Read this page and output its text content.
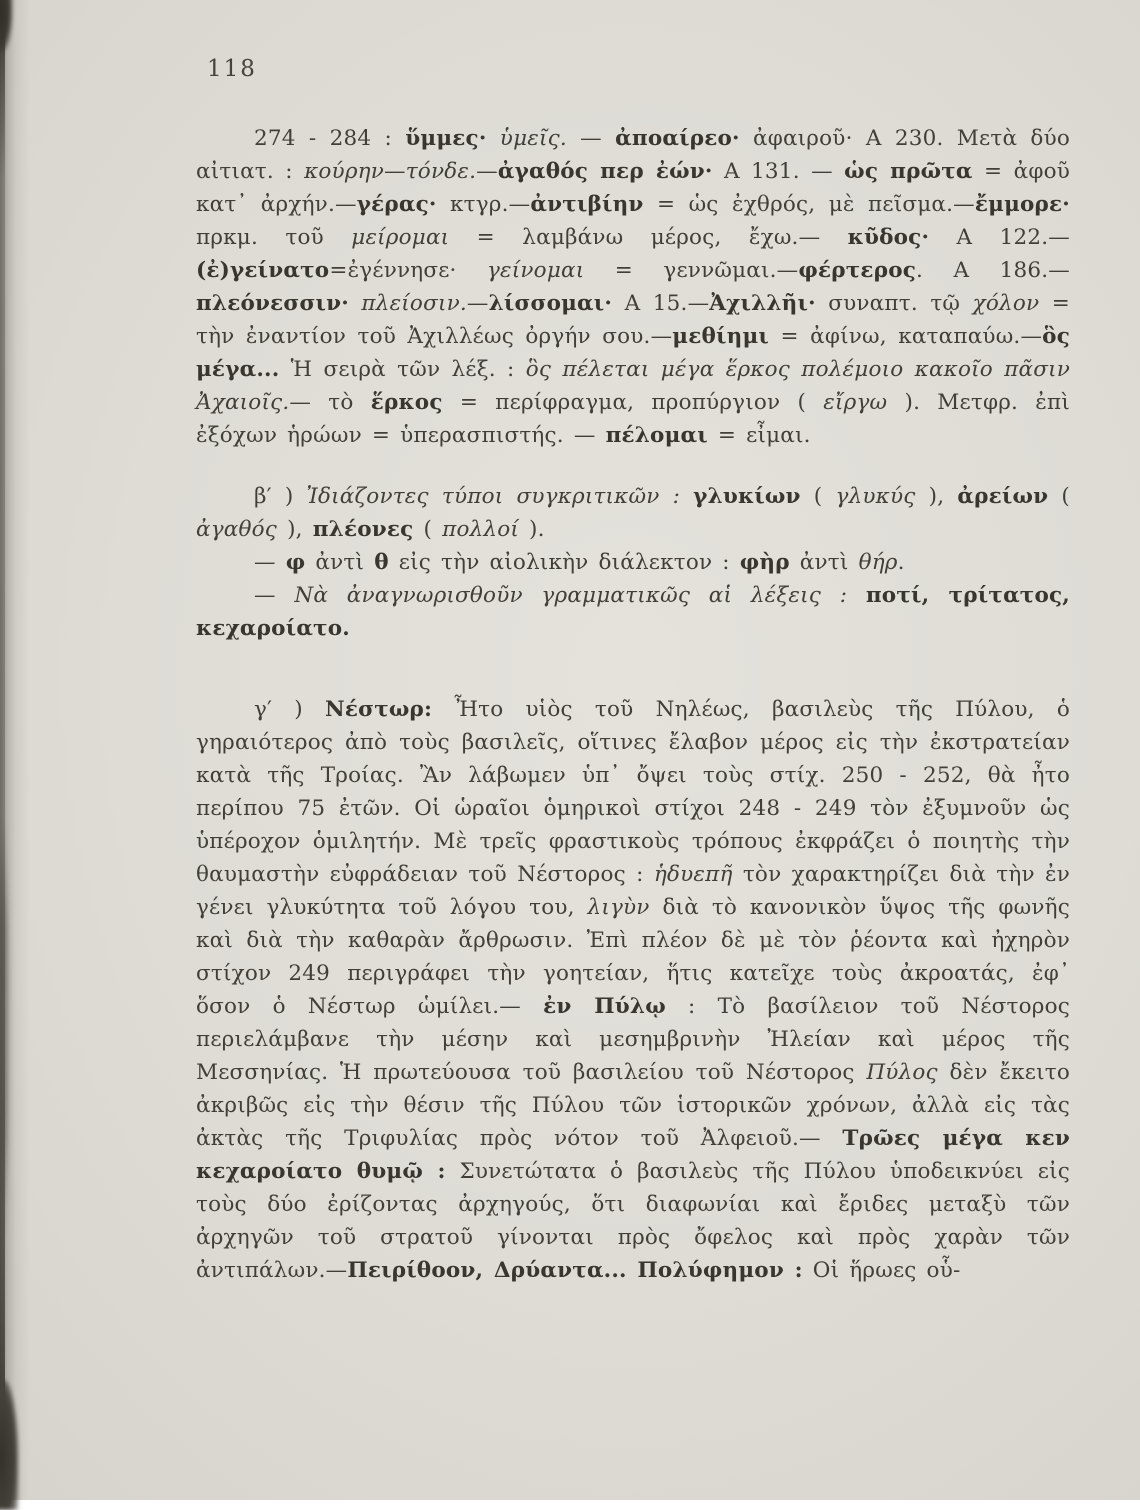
118

274 - 284 : ὕμμες· ὑμεῖς. — ἀποαίρεο· ἀφαιροῦ· Α 230. Μετὰ δύο αἰτιατ. : κούρην—τόνδε.—ἀγαθός περ ἐών· Α 131. — ὡς πρῶτα = ἀφοῦ κατ᾽ ἀρχήν.—γέρας· κτγρ.—ἀντιβίην = ὡς ἐχθρός, μὲ πεῖσμα.—ἔμμορε· πρκμ. τοῦ μείρομαι = λαμβάνω μέρος, ἔχω.— κῦδος· Α 122.—(ἐ)γείνατο=ἐγέννησε· γείνομαι = γεννῶμαι.—φέρτερος. Α 186.—πλεόνεσσιν· πλείοσιν.—λίσσομαι· Α 15.—Ἀχιλλῆι· συναπτ. τῷ χόλον = τὴν ἐναντίον τοῦ Ἀχιλλέως ὀργήν σου.—μεθίημι = ἀφίνω, καταπαύω.—ὃς μέγα... Ἡ σειρὰ τῶν λέξ. : ὃς πέλεται μέγα ἕρκος πολέμοιο κακοῖο πᾶσιν Ἀχαιοῖς.— τὸ ἕρκος = περίφραγμα, προπύργιον ( εἴργω ). Μετφρ. ἐπὶ ἐξόχων ἡρώων = ὑπερασπιστής. — πέλομαι = εἶμαι.

β′ ) Ἰδιάζοντες τύποι συγκριτικῶν : γλυκίων ( γλυκύς ), ἀρείων ( ἀγαθός ), πλέονες ( πολλοί ).

— φ ἀντὶ θ εἰς τὴν αἰολικὴν διάλεκτον : φὴρ ἀντὶ θήρ.

— Νὰ ἀναγνωρισθοῦν γραμματικῶς αἱ λέξεις : ποτί, τρίτατος, κεχαροίατο.

γ′ ) Νέστωρ: Ἦτο υἱὸς τοῦ Νηλέως, βασιλεὺς τῆς Πύλου, ὁ γηραιότερος ἀπὸ τοὺς βασιλεῖς, οἵτινες ἔλαβον μέρος εἰς τὴν ἐκστρατείαν κατὰ τῆς Τροίας. Ἂν λάβωμεν ὑπ᾽ ὄψει τοὺς στίχ. 250 - 252, θὰ ἦτο περίπου 75 ἐτῶν. Οἱ ὡραῖοι ὁμηρικοὶ στίχοι 248 - 249 τὸν ἐξυμνοῦν ὡς ὑπέροχον ὁμιλητήν. Μὲ τρεῖς φραστικοὺς τρόπους ἐκφράζει ὁ ποιητὴς τὴν θαυμαστὴν εὐφράδειαν τοῦ Νέστορος : ἡδυεπῆ τὸν χαρακτηρίζει διὰ τὴν ἐν γένει γλυκύτητα τοῦ λόγου του, λιγὺν διὰ τὸ κανονικὸν ὕψος τῆς φωνῆς καὶ διὰ τὴν καθαρὰν ἄρθρωσιν. Ἐπὶ πλέον δὲ μὲ τὸν ῥέοντα καὶ ἠχηρὸν στίχον 249 περιγράφει τὴν γοητείαν, ἥτις κατεῖχε τοὺς ἀκροατάς, ἐφ᾽ ὅσον ὁ Νέστωρ ὡμίλει.— ἐν Πύλῳ : Τὸ βασίλειον τοῦ Νέστορος περιελάμβανε τὴν μέσην καὶ μεσημβρινὴν Ἠλείαν καὶ μέρος τῆς Μεσσηνίας. Ἡ πρωτεύουσα τοῦ βασιλείου τοῦ Νέστορος Πύλος δὲν ἔκειτο ἀκριβῶς εἰς τὴν θέσιν τῆς Πύλου τῶν ἱστορικῶν χρόνων, ἀλλὰ εἰς τὰς ἀκτὰς τῆς Τριφυλίας πρὸς νότον τοῦ Ἀλφειοῦ.— Τρῶες μέγα κεν κεχαροίατο θυμῷ : Συνετώτατα ὁ βασιλεὺς τῆς Πύλου ὑποδεικνύει εἰς τοὺς δύο ἐρίζοντας ἀρχηγούς, ὅτι διαφωνίαι καὶ ἔριδες μεταξὺ τῶν ἀρχηγῶν τοῦ στρατοῦ γίνονται πρὸς ὄφελος καὶ πρὸς χαρὰν τῶν ἀντιπάλων.—Πειρίθοον, Δρύαντα... Πολύφημον : Οἱ ἥρωες οὗ-
